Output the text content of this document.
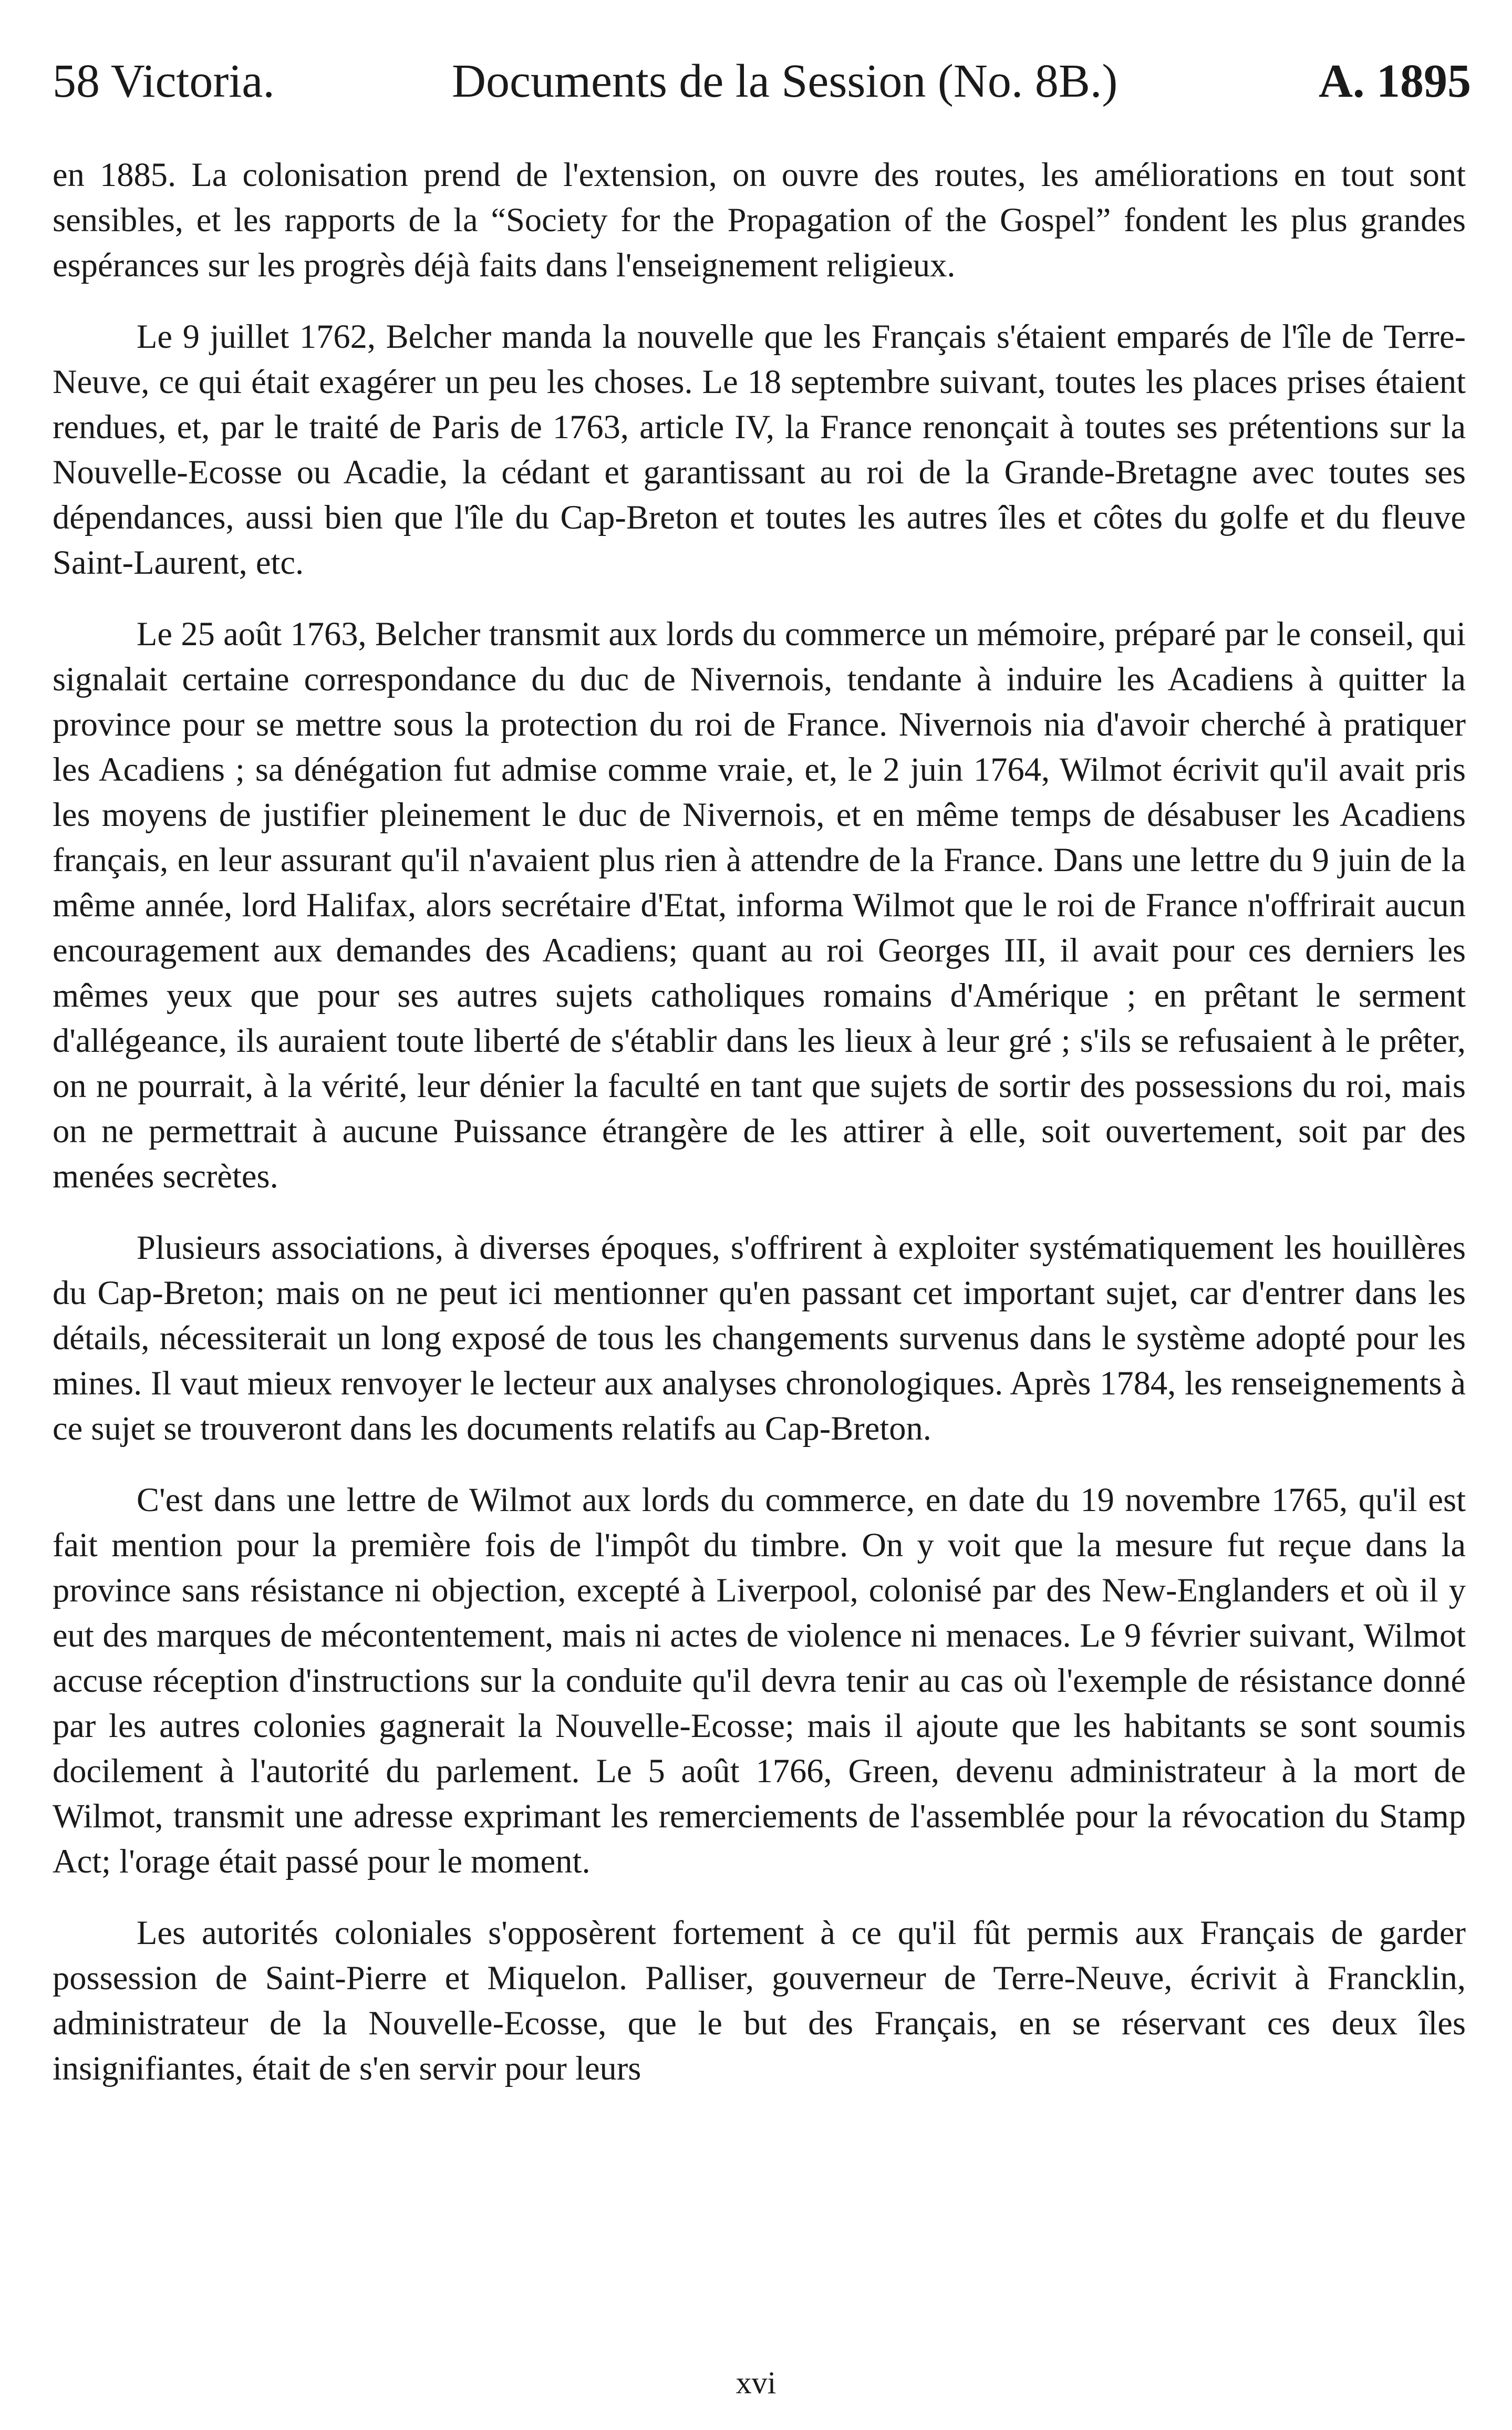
58 Victoria.	Documents de la Session (No. 8B.)	A. 1895

en 1885. La colonisation prend de l'extension, on ouvre des routes, les améliorations en tout sont sensibles, et les rapports de la “Society for the Propagation of the Gospel” fondent les plus grandes espérances sur les progrès déjà faits dans l'enseignement religieux.

Le 9 juillet 1762, Belcher manda la nouvelle que les Français s'étaient emparés de l'île de Terre-Neuve, ce qui était exagérer un peu les choses. Le 18 septembre suivant, toutes les places prises étaient rendues, et, par le traité de Paris de 1763, article IV, la France renonçait à toutes ses prétentions sur la Nouvelle-Ecosse ou Acadie, la cédant et garantissant au roi de la Grande-Bretagne avec toutes ses dépendances, aussi bien que l'île du Cap-Breton et toutes les autres îles et côtes du golfe et du fleuve Saint-Laurent, etc.

Le 25 août 1763, Belcher transmit aux lords du commerce un mémoire, préparé par le conseil, qui signalait certaine correspondance du duc de Nivernois, tendante à induire les Acadiens à quitter la province pour se mettre sous la protection du roi de France. Nivernois nia d'avoir cherché à pratiquer les Acadiens ; sa dénégation fut admise comme vraie, et, le 2 juin 1764, Wilmot écrivit qu'il avait pris les moyens de justifier pleinement le duc de Nivernois, et en même temps de désabuser les Acadiens français, en leur assurant qu'il n'avaient plus rien à attendre de la France. Dans une lettre du 9 juin de la même année, lord Halifax, alors secrétaire d'Etat, informa Wilmot que le roi de France n'offrirait aucun encouragement aux demandes des Acadiens; quant au roi Georges III, il avait pour ces derniers les mêmes yeux que pour ses autres sujets catholiques romains d'Amérique ; en prêtant le serment d'allégeance, ils auraient toute liberté de s'établir dans les lieux à leur gré ; s'ils se refusaient à le prêter, on ne pourrait, à la vérité, leur dénier la faculté en tant que sujets de sortir des possessions du roi, mais on ne permettrait à aucune Puissance étrangère de les attirer à elle, soit ouvertement, soit par des menées secrètes.

Plusieurs associations, à diverses époques, s'offrirent à exploiter systématiquement les houillères du Cap-Breton; mais on ne peut ici mentionner qu'en passant cet important sujet, car d'entrer dans les détails, nécessiterait un long exposé de tous les changements survenus dans le système adopté pour les mines. Il vaut mieux renvoyer le lecteur aux analyses chronologiques. Après 1784, les renseignements à ce sujet se trouveront dans les documents relatifs au Cap-Breton.

C'est dans une lettre de Wilmot aux lords du commerce, en date du 19 novembre 1765, qu'il est fait mention pour la première fois de l'impôt du timbre. On y voit que la mesure fut reçue dans la province sans résistance ni objection, excepté à Liverpool, colonisé par des New-Englanders et où il y eut des marques de mécontentement, mais ni actes de violence ni menaces. Le 9 février suivant, Wilmot accuse réception d'instructions sur la conduite qu'il devra tenir au cas où l'exemple de résistance donné par les autres colonies gagnerait la Nouvelle-Ecosse; mais il ajoute que les habitants se sont soumis docilement à l'autorité du parlement. Le 5 août 1766, Green, devenu administrateur à la mort de Wilmot, transmit une adresse exprimant les remerciements de l'assemblée pour la révocation du Stamp Act; l'orage était passé pour le moment.

Les autorités coloniales s'opposèrent fortement à ce qu'il fût permis aux Français de garder possession de Saint-Pierre et Miquelon. Palliser, gouverneur de Terre-Neuve, écrivit à Francklin, administrateur de la Nouvelle-Ecosse, que le but des Français, en se réservant ces deux îles insignifiantes, était de s'en servir pour leurs

xvi
